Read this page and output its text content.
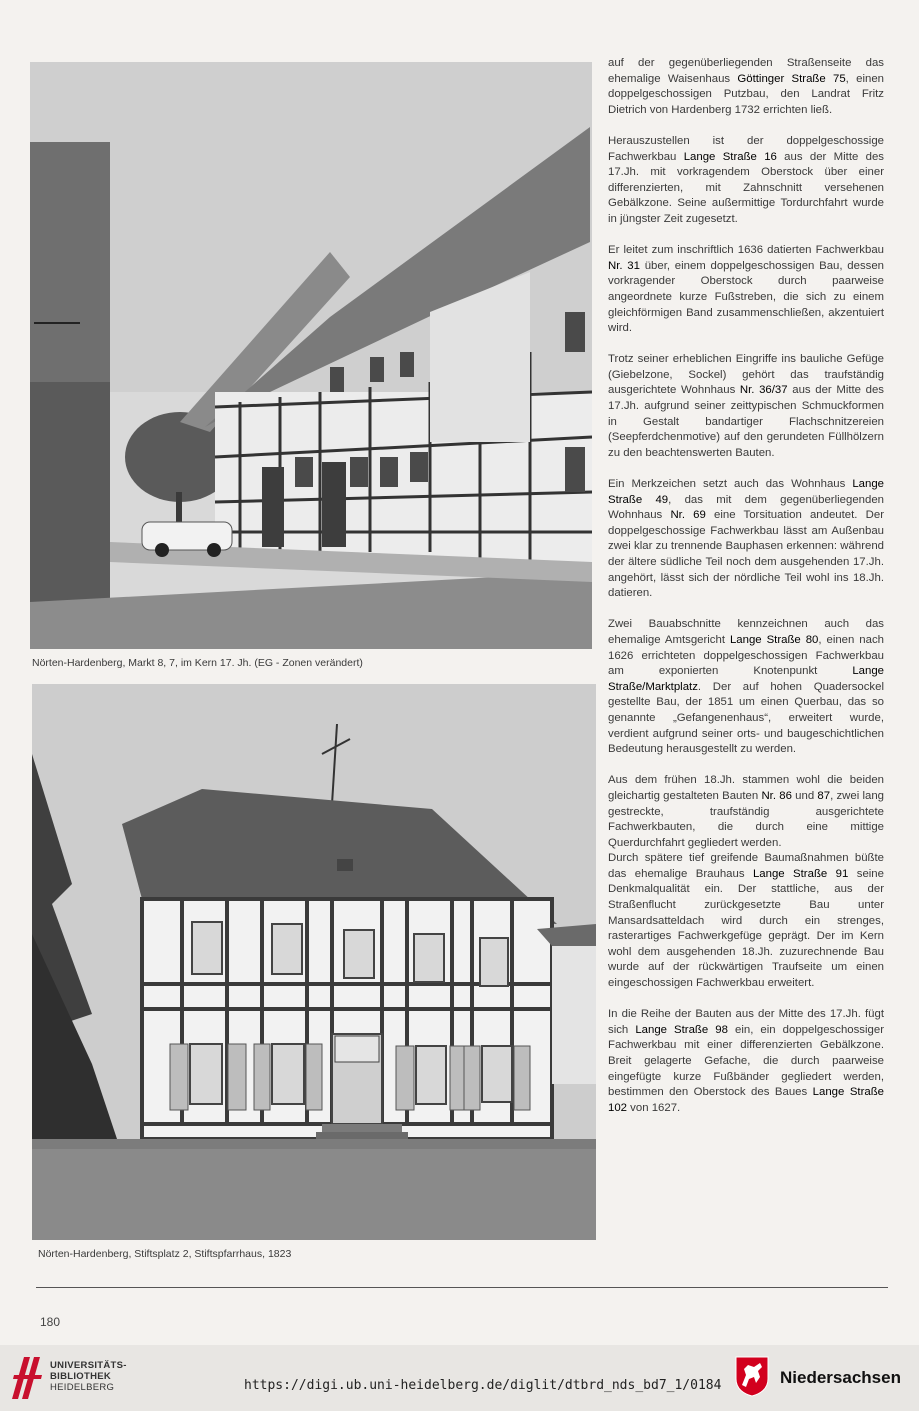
Nörten-Hardenberg, Markt 8, 7, im Kern 17. Jh. (EG - Zonen verändert)
Nörten-Hardenberg, Stiftsplatz 2, Stiftspfarrhaus, 1823

auf der gegenüberliegenden Straßenseite das ehemalige Waisenhaus Göttinger Straße 75, einen doppelgeschossigen Putzbau, den Landrat Fritz Dietrich von Hardenberg 1732 errichten ließ.

Herauszustellen ist der doppelgeschossige Fachwerkbau Lange Straße 16 aus der Mitte des 17.Jh. mit vorkragendem Oberstock über einer differenzierten, mit Zahnschnitt versehenen Gebälkzone. Seine außermittige Tordurchfahrt wurde in jüngster Zeit zugesetzt.

Er leitet zum inschriftlich 1636 datierten Fachwerkbau Nr. 31 über, einem doppelgeschossigen Bau, dessen vorkragender Oberstock durch paarweise angeordnete kurze Fußstreben, die sich zu einem gleichförmigen Band zusammenschließen, akzentuiert wird.

Trotz seiner erheblichen Eingriffe ins bauliche Gefüge (Giebelzone, Sockel) gehört das traufständig ausgerichtete Wohnhaus Nr. 36/37 aus der Mitte des 17.Jh. aufgrund seiner zeittypischen Schmuckformen in Gestalt bandartiger Flachschnitzereien (Seepferdchenmotive) auf den gerundeten Füllhölzern zu den beachtenswerten Bauten.

Ein Merkzeichen setzt auch das Wohnhaus Lange Straße 49, das mit dem gegenüberliegenden Wohnhaus Nr. 69 eine Torsituation andeutet. Der doppelgeschossige Fachwerkbau lässt am Außenbau zwei klar zu trennende Bauphasen erkennen: während der ältere südliche Teil noch dem ausgehenden 17.Jh. angehört, lässt sich der nördliche Teil wohl ins 18.Jh. datieren.

Zwei Bauabschnitte kennzeichnen auch das ehemalige Amtsgericht Lange Straße 80, einen nach 1626 errichteten doppelgeschossigen Fachwerkbau am exponierten Knotenpunkt Lange Straße/Marktplatz. Der auf hohen Quadersockel gestellte Bau, der 1851 um einen Querbau, das so genannte „Gefangenenhaus“, erweitert wurde, verdient aufgrund seiner orts- und baugeschichtlichen Bedeutung herausgestellt zu werden.

Aus dem frühen 18.Jh. stammen wohl die beiden gleichartig gestalteten Bauten Nr. 86 und 87, zwei lang gestreckte, traufständig ausgerichtete Fachwerkbauten, die durch eine mittige Querdurchfahrt gegliedert werden.

Durch spätere tief greifende Baumaßnahmen büßte das ehemalige Brauhaus Lange Straße 91 seine Denkmalqualität ein. Der stattliche, aus der Straßenflucht zurückgesetzte Bau unter Mansardsatteldach wird durch ein strenges, rasterartiges Fachwerkgefüge geprägt. Der im Kern wohl dem ausgehenden 18.Jh. zuzurechnende Bau wurde auf der rückwärtigen Traufseite um einen eingeschossigen Fachwerkbau erweitert.

In die Reihe der Bauten aus der Mitte des 17.Jh. fügt sich Lange Straße 98 ein, ein doppelgeschossiger Fachwerkbau mit einer differenzierten Gebälkzone. Breit gelagerte Gefache, die durch paarweise eingefügte kurze Fußbänder gegliedert werden, bestimmen den Oberstock des Baues Lange Straße 102 von 1627.

180
UNIVERSITÄTS-
BIBLIOTHEK
HEIDELBERG	https://digi.ub.uni-heidelberg.de/diglit/dtbrd_nds_bd7_1/0184	Niedersachsen
